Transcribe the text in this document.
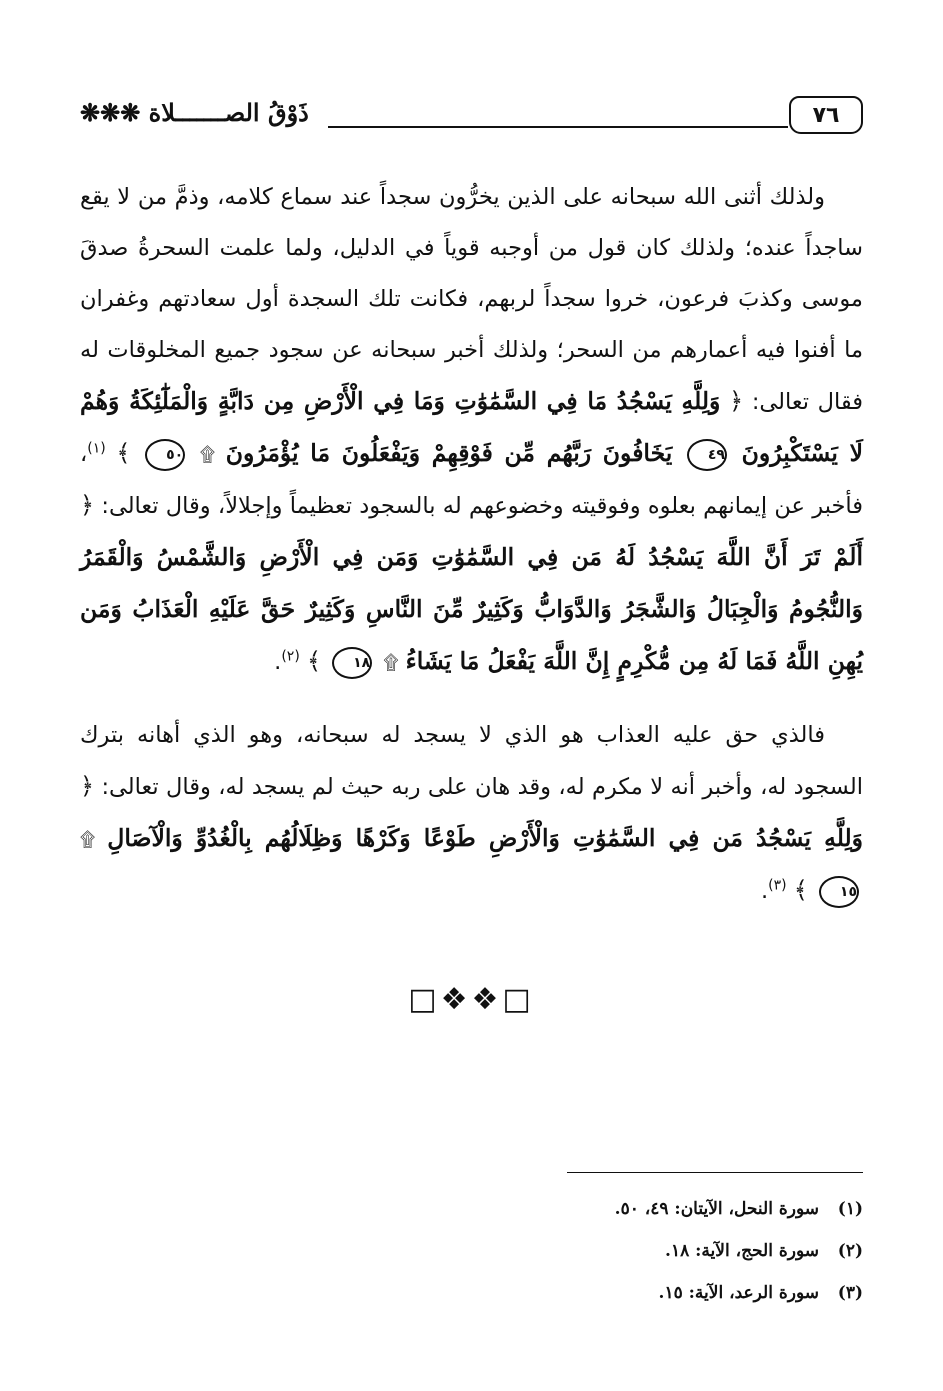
٧٦
ذَوْقُ الصـــــــلاة ❋❋❋

ولذلك أثنى الله سبحانه على الذين يخرُّون سجداً عند سماع كلامه، وذمَّ من لا يقع ساجداً عنده؛ ولذلك كان قول من أوجبه قوياً في الدليل، ولما علمت السحرةُ صدقَ موسى وكذبَ فرعون، خروا سجداً لربهم، فكانت تلك السجدة أول سعادتهم وغفران ما أفنوا فيه أعمارهم من السحر؛ ولذلك أخبر سبحانه عن سجود جميع المخلوقات له فقال تعالى: ﴿ وَلِلَّهِ يَسْجُدُ مَا فِي السَّمَٰوَٰتِ وَمَا فِي الْأَرْضِ مِن دَابَّةٍ وَالْمَلَٰٓئِكَةُ وَهُمْ لَا يَسْتَكْبِرُونَ ٤٩ يَخَافُونَ رَبَّهُم مِّن فَوْقِهِمْ وَيَفْعَلُونَ مَا يُؤْمَرُونَ ۩ ٥٠ ﴾ $^{(١)}$، فأخبر عن إيمانهم بعلوه وفوقيته وخضوعهم له بالسجود تعظيماً وإجلالاً، وقال تعالى: ﴿ أَلَمْ تَرَ أَنَّ اللَّهَ يَسْجُدُ لَهُ مَن فِي السَّمَٰوَٰتِ وَمَن فِي الْأَرْضِ وَالشَّمْسُ وَالْقَمَرُ وَالنُّجُومُ وَالْجِبَالُ وَالشَّجَرُ وَالدَّوَابُّ وَكَثِيرٌ مِّنَ النَّاسِ وَكَثِيرٌ حَقَّ عَلَيْهِ الْعَذَابُ وَمَن يُهِنِ اللَّهُ فَمَا لَهُ مِن مُّكْرِمٍ إِنَّ اللَّهَ يَفْعَلُ مَا يَشَاءُ ۩ ١٨ ﴾ $^{(٢)}$.

فالذي حق عليه العذاب هو الذي لا يسجد له سبحانه، وهو الذي أهانه بترك السجود له، وأخبر أنه لا مكرم له، وقد هان على ربه حيث لم يسجد له، وقال تعالى: ﴿ وَلِلَّهِ يَسْجُدُ مَن فِي السَّمَٰوَٰتِ وَالْأَرْضِ طَوْعًا وَكَرْهًا وَظِلَالُهُم بِالْغُدُوِّ وَالْآصَالِ ۩ ١٥ ﴾ $^{(٣)}$.

□❖❖□
(١)سورة النحل، الآيتان: ٤٩، ٥٠.
(٢)سورة الحج، الآية: ١٨.
(٣)سورة الرعد، الآية: ١٥.
